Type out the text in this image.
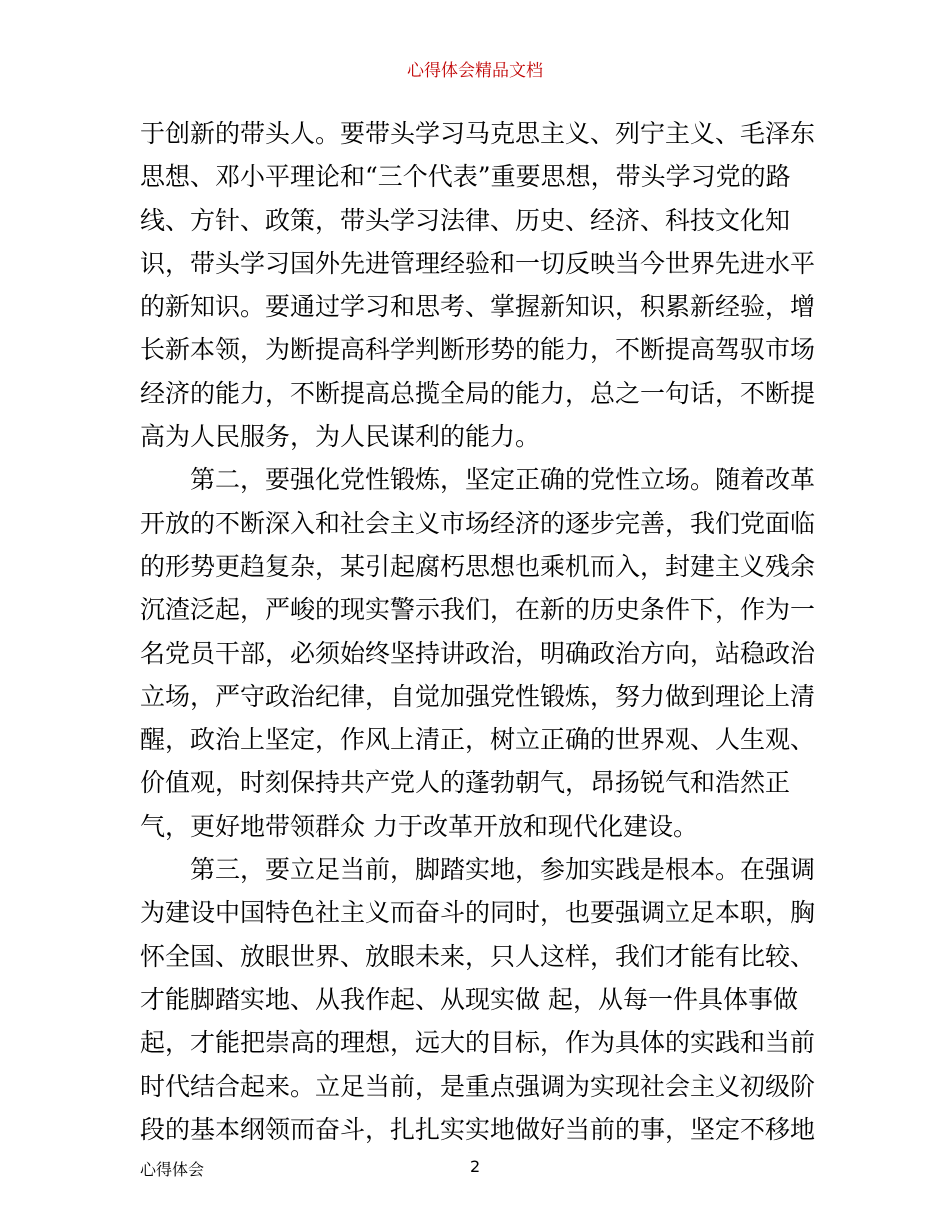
心得体会精品文档
于创新的带头人。要带头学习马克思主义、列宁主义、毛泽东
思想、邓小平理论和“三个代表”重要思想，带头学习党的路
线、方针、政策，带头学习法律、历史、经济、科技文化知
识，带头学习国外先进管理经验和一切反映当今世界先进水平
的新知识。要通过学习和思考、掌握新知识，积累新经验，增
长新本领，为断提高科学判断形势的能力，不断提高驾驭市场
经济的能力，不断提高总揽全局的能力，总之一句话，不断提
高为人民服务，为人民谋利的能力。
第二，要强化党性锻炼，坚定正确的党性立场。随着改革
开放的不断深入和社会主义市场经济的逐步完善，我们党面临
的形势更趋复杂，某引起腐朽思想也乘机而入，封建主义残余
沉渣泛起，严峻的现实警示我们，在新的历史条件下，作为一
名党员干部，必须始终坚持讲政治，明确政治方向，站稳政治
立场，严守政治纪律，自觉加强党性锻炼，努力做到理论上清
醒，政治上坚定，作风上清正，树立正确的世界观、人生观、
价值观，时刻保持共产党人的蓬勃朝气，昂扬锐气和浩然正
气，更好地带领群众 力于改革开放和现代化建设。
第三，要立足当前，脚踏实地，参加实践是根本。在强调
为建设中国特色社主义而奋斗的同时，也要强调立足本职，胸
怀全国、放眼世界、放眼未来，只人这样，我们才能有比较、
才能脚踏实地、从我作起、从现实做 起，从每一件具体事做
起，才能把崇高的理想，远大的目标，作为具体的实践和当前
时代结合起来。立足当前，是重点强调为实现社会主义初级阶
段的基本纲领而奋斗，扎扎实实地做好当前的事，坚定不移地
心得体会	2
